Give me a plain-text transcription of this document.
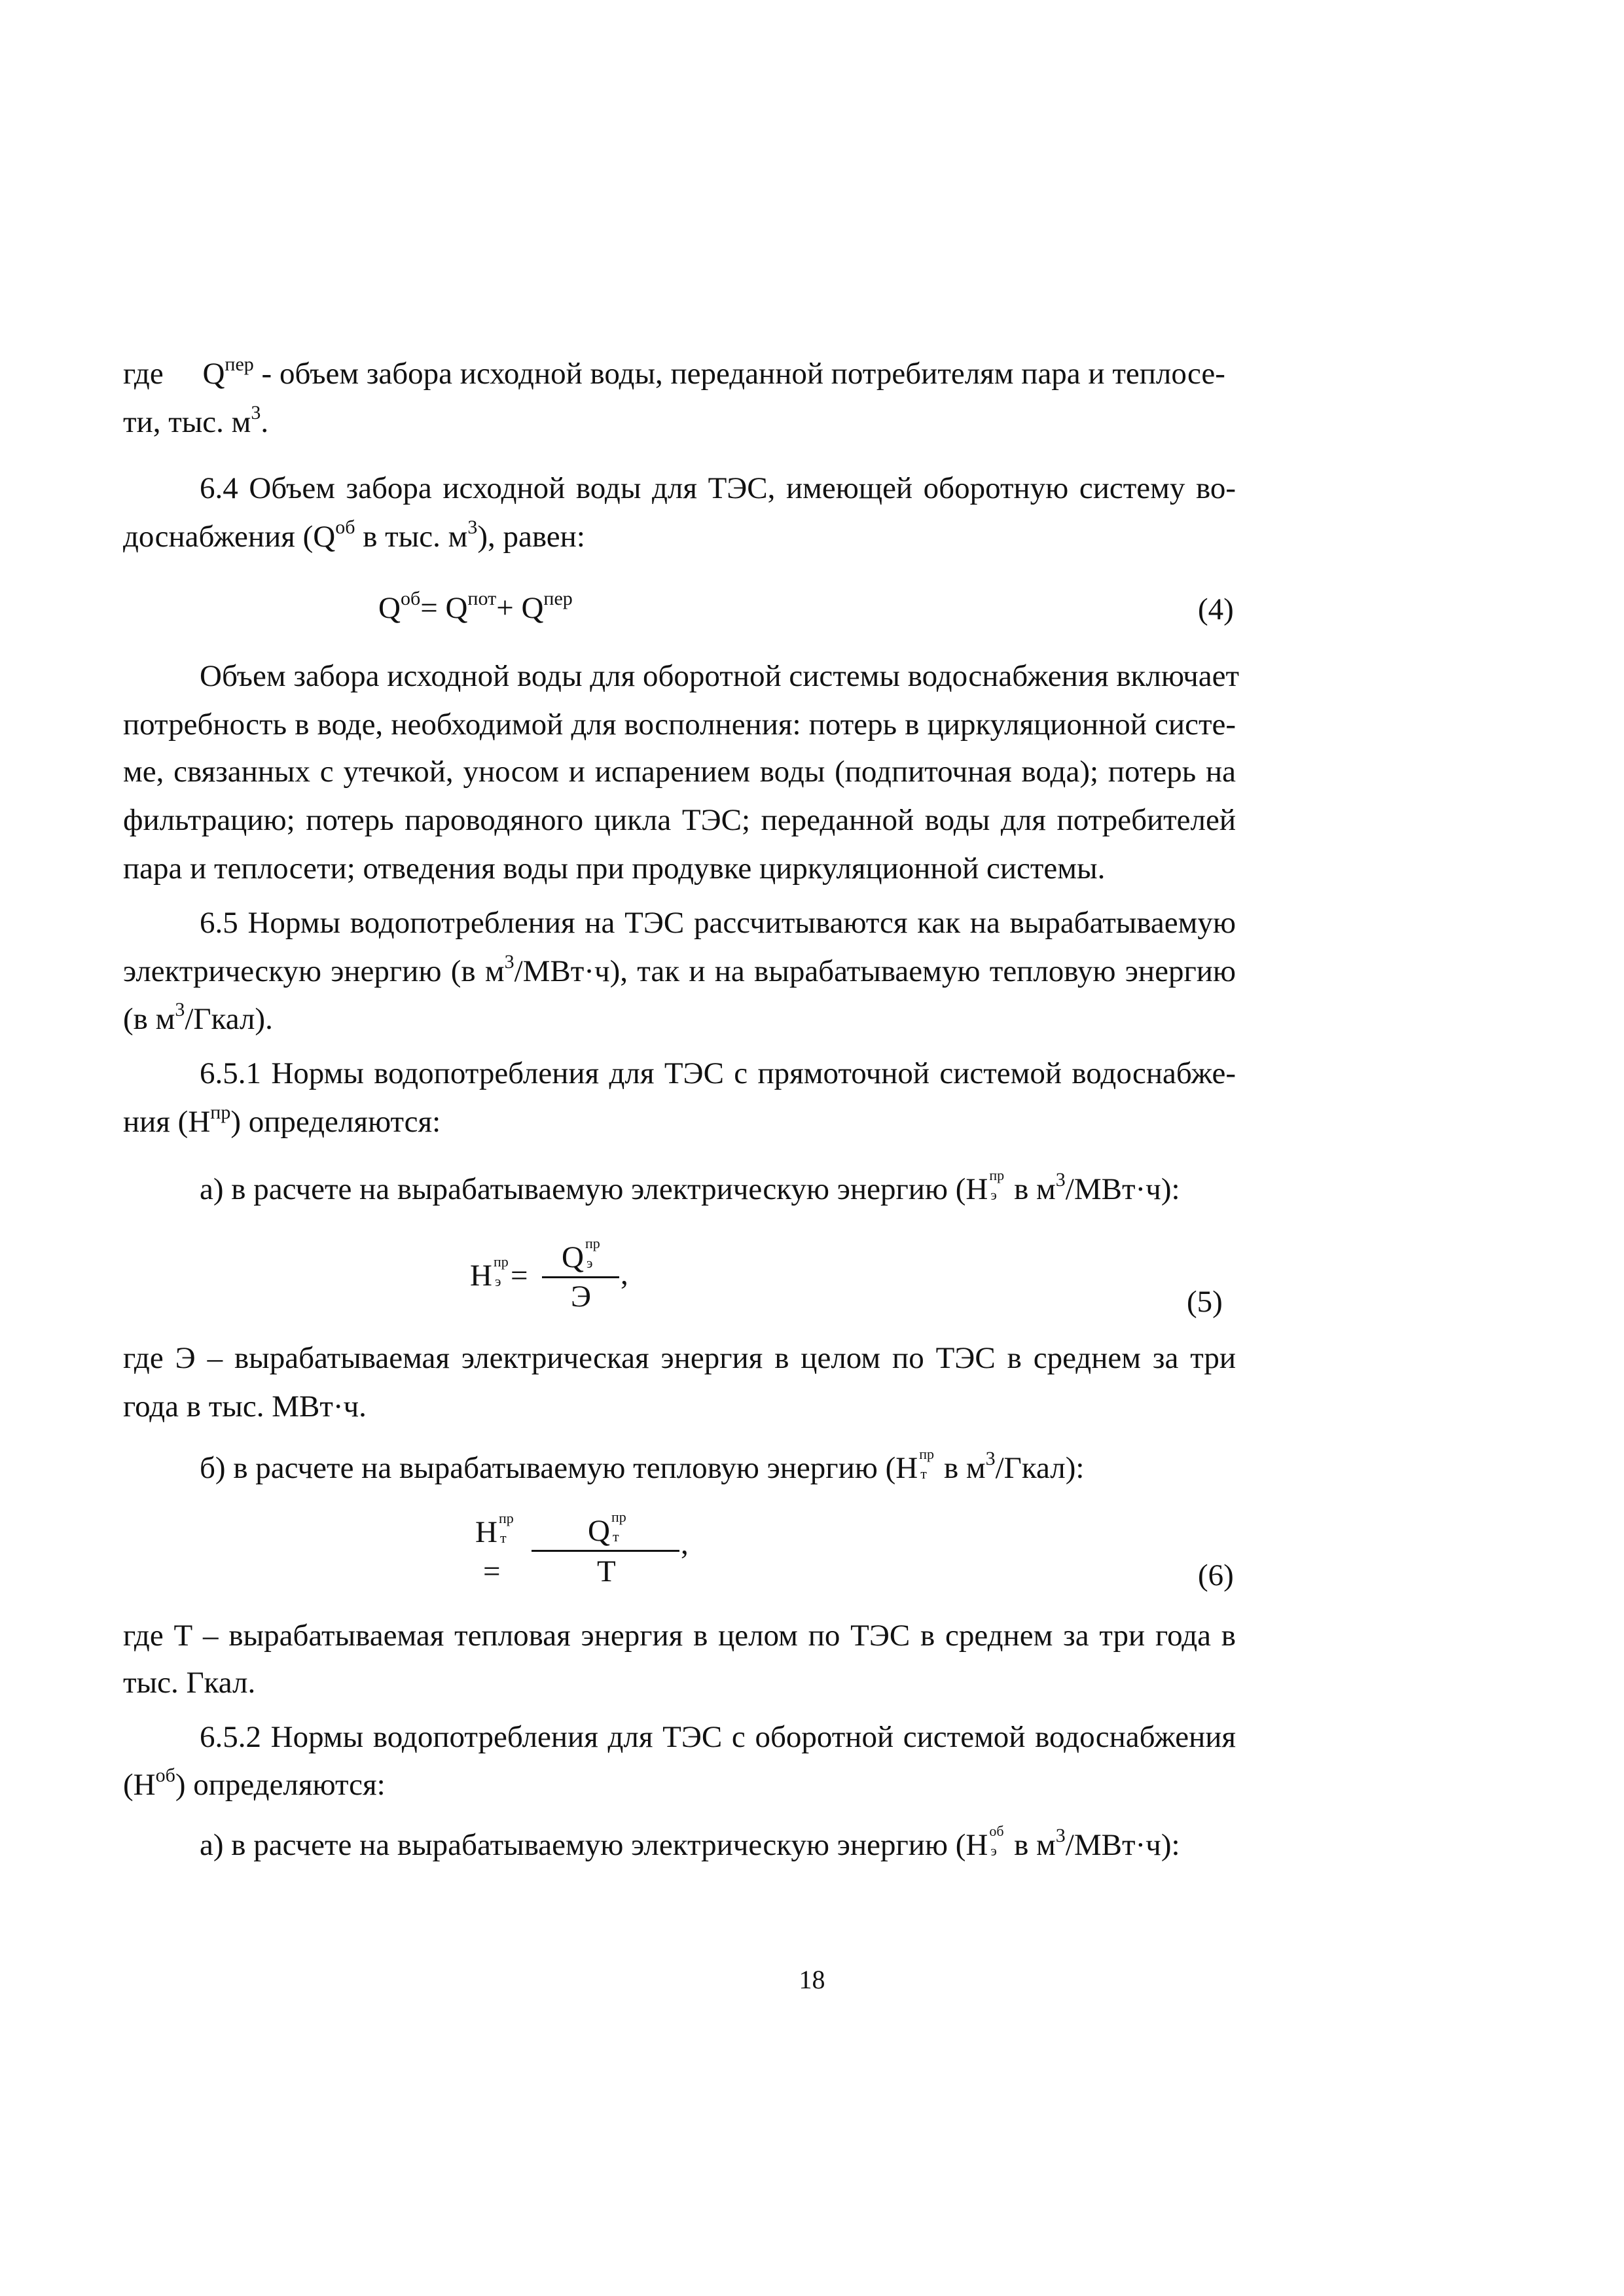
где $Q^{пер}$ - объем забора исходной воды, переданной потребителям пара и теплосе-
ти, тыс. $м^3$.
6.4 Объем забора исходной воды для ТЭС, имеющей оборотную систему во-
доснабжения ($Q^{об}$ в тыс. $м^3$), равен:
$Q^{об}= Q^{пот}+ Q^{пер}$	(4)
Объем забора исходной воды для оборотной системы водоснабжения включает
потребность в воде, необходимой для восполнения: потерь в циркуляционной систе-
ме, связанных с утечкой, уносом и испарением воды (подпиточная вода); потерь на
фильтрацию; потерь пароводяного цикла ТЭС; переданной воды для потребителей
пара и теплосети; отведения воды при продувке циркуляционной системы.
6.5 Нормы водопотребления на ТЭС рассчитываются как на вырабатываемую
электрическую энергию (в $м^3/МВт\cdot ч$), так и на вырабатываемую тепловую энергию
(в $м^3/Гкал$).
6.5.1 Нормы водопотребления для ТЭС с прямоточной системой водоснабже-
ния $(Н^{пр})$ определяются:
а) в расчете на вырабатываемую электрическую энергию (Н пр
э в $м^3/МВт\cdot ч$):
Н пр
э =
Q пр
э
Э
,
(5)
где Э – вырабатываемая электрическая энергия в целом по ТЭС в среднем за три
года в тыс. МВт·ч.
б) в расчете на вырабатываемую тепловую энергию (Н пр
т в $м^3/Гкал$):
Н пр
т
=
Q пр
т
Т
,
(6)
где Т – вырабатываемая тепловая энергия в целом по ТЭС в среднем за три года в
тыс. Гкал.
6.5.2 Нормы водопотребления для ТЭС с оборотной системой водоснабжения
$(Н^{об})$ определяются:
а) в расчете на вырабатываемую электрическую энергию (Н об
э в $м^3/МВт\cdot ч$):
18
